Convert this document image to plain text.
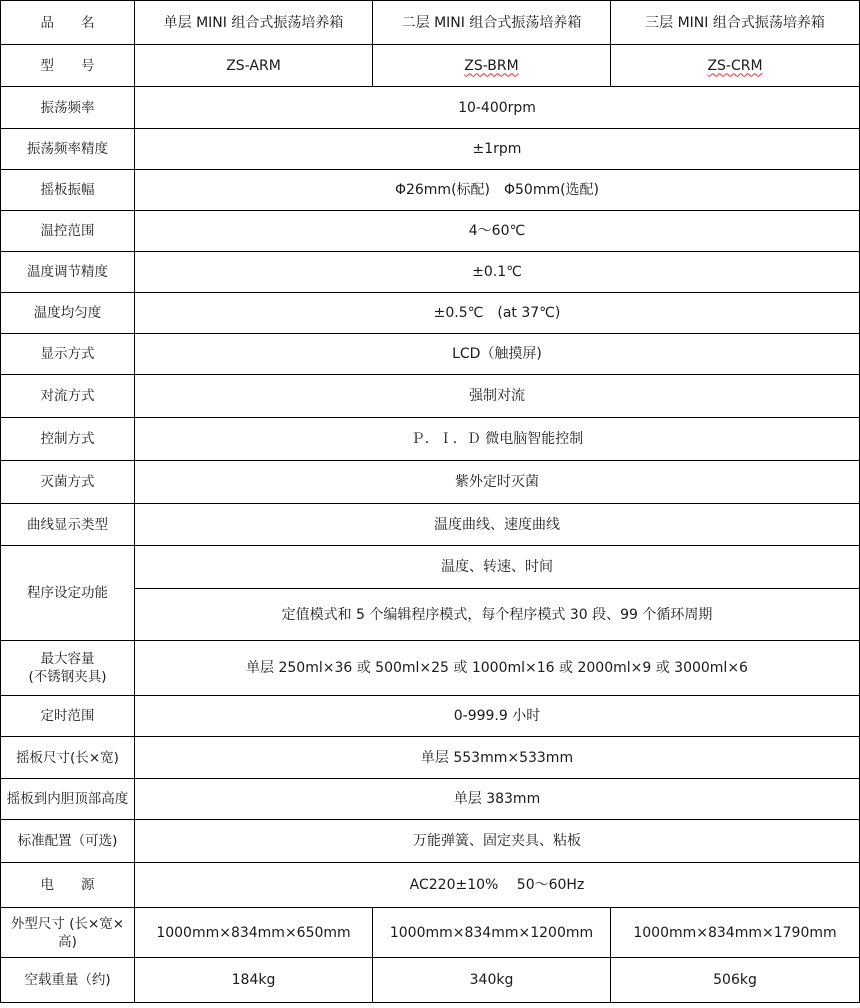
品　　名	单层 MINI 组合式振荡培养箱	二层 MINI 组合式振荡培养箱	三层 MINI 组合式振荡培养箱
型　　号	ZS-ARM	ZS-BRM	ZS-CRM
振荡频率	10-400rpm		
振荡频率精度	±1rpm		
摇板振幅	Φ26mm(标配)　Φ50mm(选配)		
温控范围	4～60℃		
温度调节精度	±0.1℃		
温度均匀度	±0.5℃　(at 37℃)		
显示方式	LCD（触摸屏)		
对流方式	强制对流		
控制方式	Ｐ．Ｉ．Ｄ 微电脑智能控制		
灭菌方式	紫外定时灭菌		
曲线显示类型	温度曲线、速度曲线		
程序设定功能	温度、转速、时间		
	定值模式和 5 个编辑程序模式，每个程序模式 30 段、99 个循环周期		

最大容量
(不锈钢夹具)	单层 250ml×36 或 500ml×25 或 1000ml×16 或 2000ml×9 或 3000ml×6		
定时范围	0-999.9 小时		
摇板尺寸(长×宽)	单层 553mm×533mm		
摇板到内胆顶部高度	单层 383mm		
标准配置（可选)	万能弹簧、固定夹具、粘板		
电　　源	AC220±10%　 50～60Hz		
外型尺寸 (长×宽×高)	1000mm×834mm×650mm	1000mm×834mm×1200mm	1000mm×834mm×1790mm
空载重量（约)	184kg	340kg	506kg
